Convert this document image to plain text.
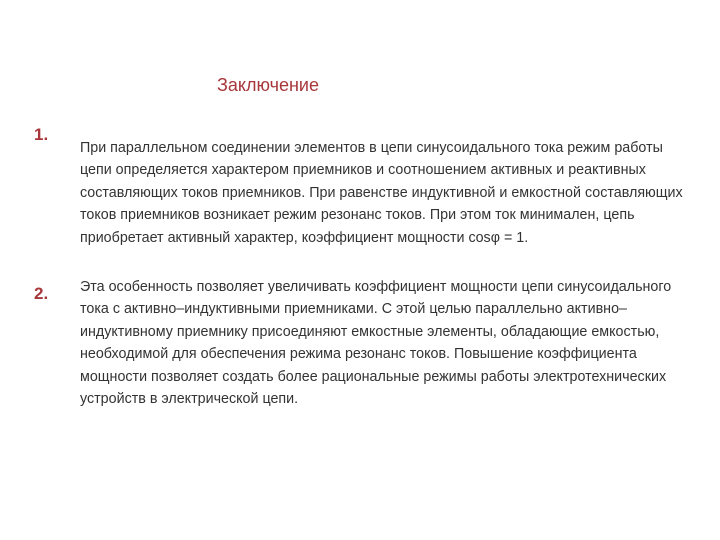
Заключение
1.
При параллельном соединении элементов в цепи синусоидального тока режим работы цепи определяется характером приемников и соотношением активных и реактивных составляющих токов приемников. При равенстве индуктивной и емкостной составляющих токов приемников возникает режим резонанс токов. При этом ток минимален, цепь приобретает активный характер, коэффициент мощности cosφ = 1.
2. Эта особенность позволяет увеличивать коэффициент мощности цепи синусоидального тока с активно–индуктивными приемниками. С этой целью параллельно активно–индуктивному приемнику присоединяют емкостные элементы, обладающие емкостью, необходимой для обеспечения режима резонанс токов. Повышение коэффициента мощности позволяет создать более рациональные режимы работы электротехнических устройств в электрической цепи.
